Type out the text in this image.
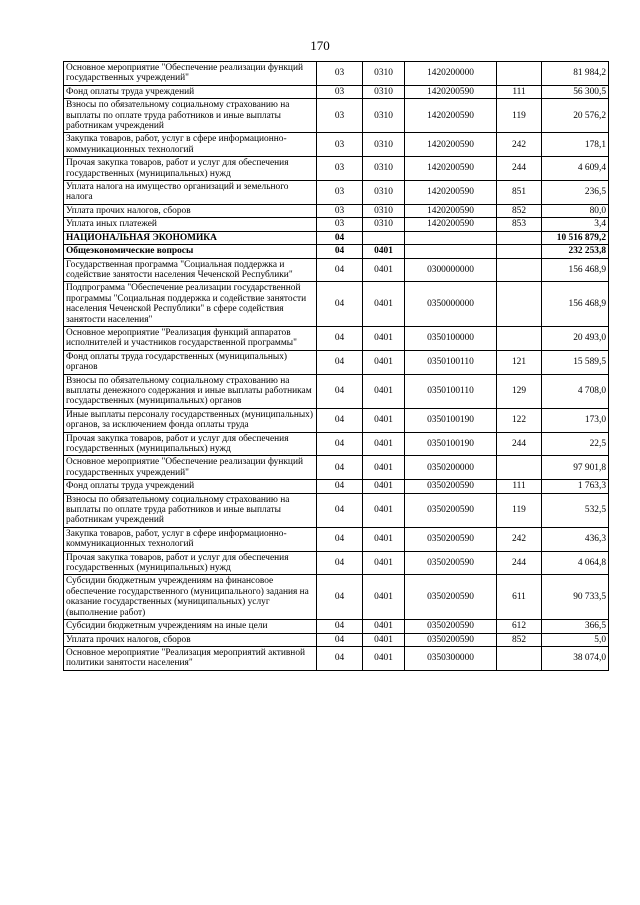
170
Основное мероприятие "Обеспечение реализации функций государственных учреждений"	03	0310	1420200000		81 984,2
Фонд оплаты труда учреждений	03	0310	1420200590	111	56 300,5
Взносы по обязательному социальному страхованию на выплаты по оплате труда работников и иные выплаты работникам учреждений	03	0310	1420200590	119	20 576,2
Закупка товаров, работ, услуг в сфере информационно-коммуникационных технологий	03	0310	1420200590	242	178,1
Прочая закупка товаров, работ и услуг для обеспечения государственных (муниципальных) нужд	03	0310	1420200590	244	4 609,4
Уплата налога на имущество организаций и земельного налога	03	0310	1420200590	851	236,5
Уплата прочих налогов, сборов	03	0310	1420200590	852	80,0
Уплата иных платежей	03	0310	1420200590	853	3,4
НАЦИОНАЛЬНАЯ ЭКОНОМИКА	04				10 516 879,2
Общеэкономические вопросы	04	0401			232 253,8
Государственная программа "Социальная поддержка и содействие занятости населения Чеченской Республики"	04	0401	0300000000		156 468,9
Подпрограмма "Обеспечение реализации государственной программы "Социальная поддержка и содействие занятости населения Чеченской Республики" в сфере содействия занятости населения"	04	0401	0350000000		156 468,9
Основное мероприятие "Реализация функций аппаратов исполнителей и участников государственной программы"	04	0401	0350100000		20 493,0
Фонд оплаты труда государственных (муниципальных) органов	04	0401	0350100110	121	15 589,5
Взносы по обязательному социальному страхованию на выплаты денежного содержания и иные выплаты работникам государственных (муниципальных) органов	04	0401	0350100110	129	4 708,0
Иные выплаты персоналу государственных (муниципальных) органов, за исключением фонда оплаты труда	04	0401	0350100190	122	173,0
Прочая закупка товаров, работ и услуг для обеспечения государственных (муниципальных) нужд	04	0401	0350100190	244	22,5
Основное мероприятие "Обеспечение реализации функций государственных учреждений"	04	0401	0350200000		97 901,8
Фонд оплаты труда учреждений	04	0401	0350200590	111	1 763,3
Взносы по обязательному социальному страхованию на выплаты по оплате труда работников и иные выплаты работникам учреждений	04	0401	0350200590	119	532,5
Закупка товаров, работ, услуг в сфере информационно-коммуникационных технологий	04	0401	0350200590	242	436,3
Прочая закупка товаров, работ и услуг для обеспечения государственных (муниципальных) нужд	04	0401	0350200590	244	4 064,8
Субсидии бюджетным учреждениям на финансовое обеспечение государственного (муниципального) задания на оказание государственных (муниципальных) услуг (выполнение работ)	04	0401	0350200590	611	90 733,5
Субсидии бюджетным учреждениям на иные цели	04	0401	0350200590	612	366,5
Уплата прочих налогов, сборов	04	0401	0350200590	852	5,0
Основное мероприятие "Реализация мероприятий активной политики занятости населения"	04	0401	0350300000		38 074,0
